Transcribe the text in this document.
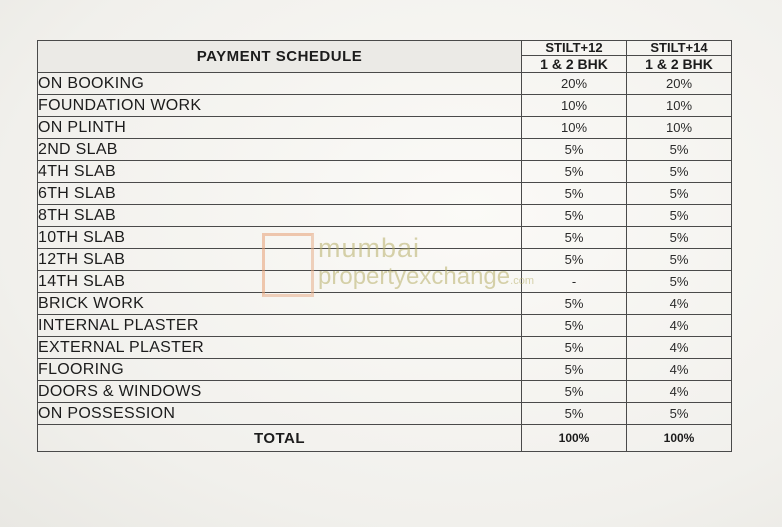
PAYMENT SCHEDULE	STILT+12	STILT+14
	1 & 2 BHK	1 & 2 BHK
ON BOOKING	20%	20%
FOUNDATION WORK	10%	10%
ON PLINTH	10%	10%
2ND SLAB	5%	5%
4TH SLAB	5%	5%
6TH SLAB	5%	5%
8TH SLAB	5%	5%
10TH SLAB	5%	5%
12TH SLAB	5%	5%
14TH SLAB	-	5%
BRICK WORK	5%	4%
INTERNAL PLASTER	5%	4%
EXTERNAL PLASTER	5%	4%
FLOORING	5%	4%
DOORS & WINDOWS	5%	4%
ON POSSESSION	5%	5%
TOTAL	100%	100%
mumbai
propertyexchange.com
